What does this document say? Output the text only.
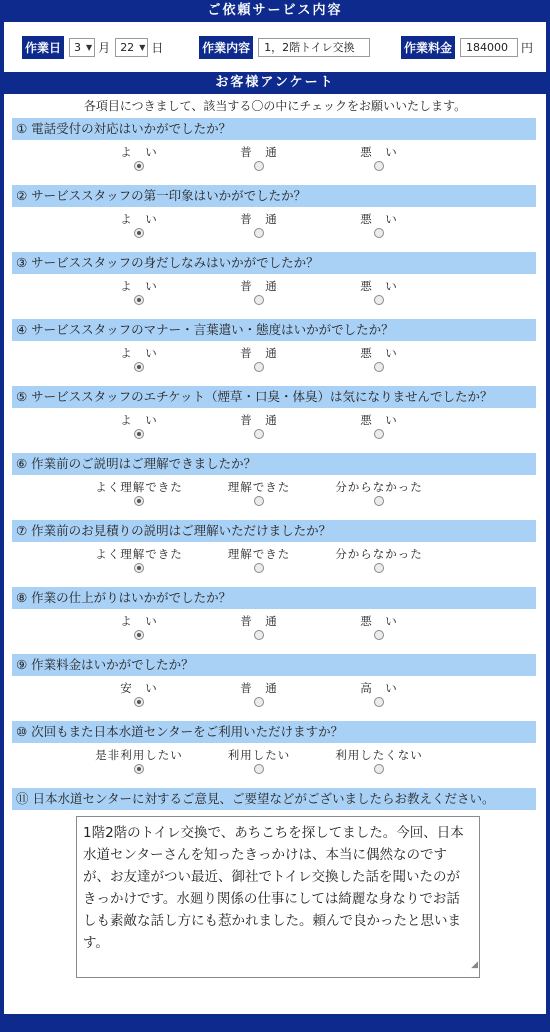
ご依頼サービス内容
作業日 3 ▼ 月 22 ▼ 日	作業内容	1，2階トイレ交換	作業料金	184000	円
お客様アンケート
各項目につきまして、該当する〇の中にチェックをお願いいたします。
① 電話受付の対応はいかがでしたか？
よ　い	普　通	悪　い
② サービススタッフの第一印象はいかがでしたか？
よ　い	普　通	悪　い
③ サービススタッフの身だしなみはいかがでしたか？
よ　い	普　通	悪　い
④ サービススタッフのマナー・言葉遣い・態度はいかがでしたか？
よ　い	普　通	悪　い
⑤ サービススタッフのエチケット（煙草・口臭・体臭）は気になりませんでしたか？
よ　い	普　通	悪　い
⑥ 作業前のご説明はご理解できましたか？
よく理解できた	理解できた	分からなかった
⑦ 作業前のお見積りの説明はご理解いただけましたか？
よく理解できた	理解できた	分からなかった
⑧ 作業の仕上がりはいかがでしたか？
よ　い	普　通	悪　い
⑨ 作業料金はいかがでしたか？
安　い	普　通	高　い
⑩ 次回もまた日本水道センターをご利用いただけますか？
是非利用したい	利用したい	利用したくない
⑪ 日本水道センターに対するご意見、ご要望などがございましたらお教えください。
1階2階のトイレ交換で、あちこちを探してました。今回、日本水道センターさんを知ったきっかけは、本当に偶然なのですが、お友達がつい最近、御社でトイレ交換した話を聞いたのがきっかけです。水廻り関係の仕事にしては綺麗な身なりでお話しも素敵な話し方にも惹かれました。頼んで良かったと思います。
◢
